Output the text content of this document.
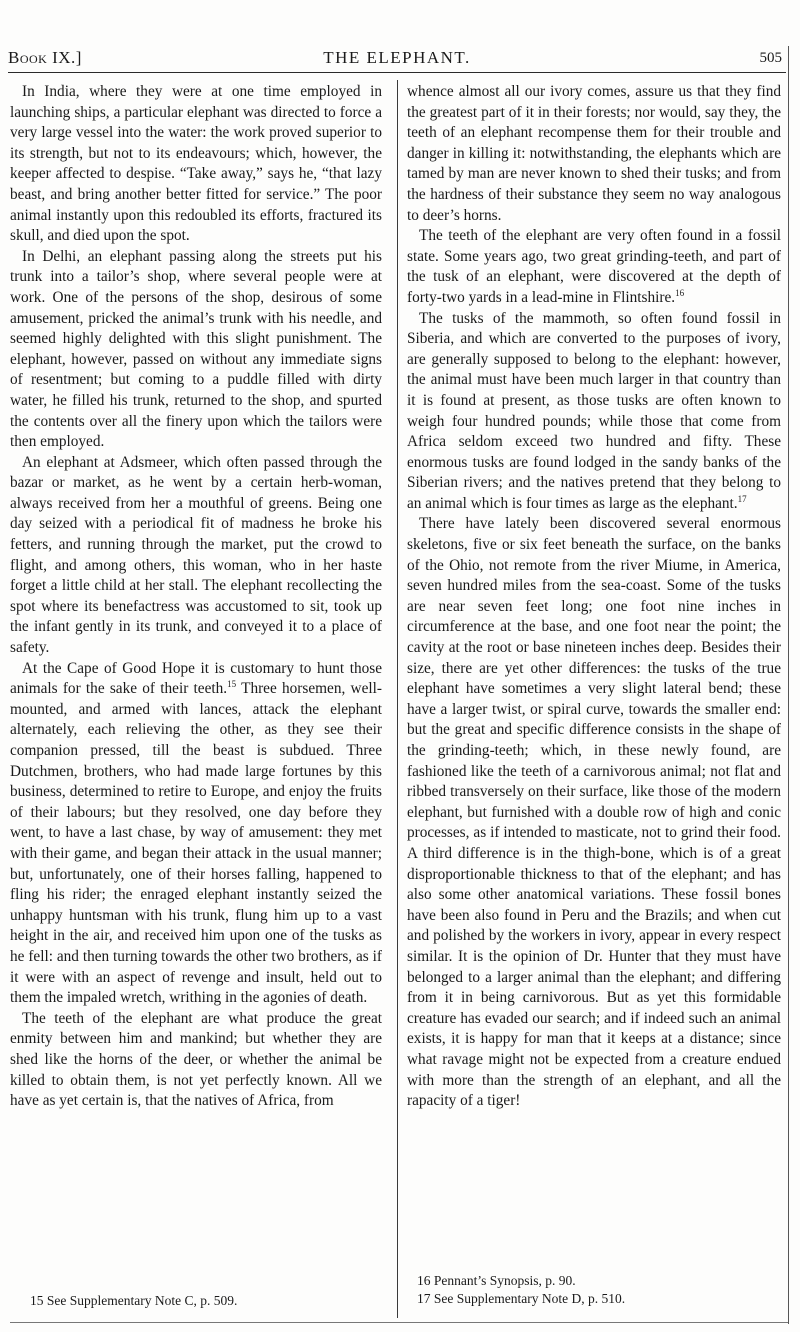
Book IX.]	THE ELEPHANT.	505

In India, where they were at one time employed in launching ships, a particular elephant was directed to force a very large vessel into the water: the work proved superior to its strength, but not to its endeavours; which, however, the keeper affected to despise. “Take away,” says he, “that lazy beast, and bring another better fitted for service.” The poor animal instantly upon this redoubled its efforts, fractured its skull, and died upon the spot.

In Delhi, an elephant passing along the streets put his trunk into a tailor’s shop, where several people were at work. One of the persons of the shop, desirous of some amusement, pricked the animal’s trunk with his needle, and seemed highly delighted with this slight punishment. The elephant, however, passed on without any immediate signs of resentment; but coming to a puddle filled with dirty water, he filled his trunk, returned to the shop, and spurted the contents over all the finery upon which the tailors were then employed.

An elephant at Adsmeer, which often passed through the bazar or market, as he went by a certain herb-woman, always received from her a mouthful of greens. Being one day seized with a periodical fit of madness he broke his fetters, and running through the market, put the crowd to flight, and among others, this woman, who in her haste forget a little child at her stall. The elephant recollecting the spot where its benefactress was accustomed to sit, took up the infant gently in its trunk, and conveyed it to a place of safety.

At the Cape of Good Hope it is customary to hunt those animals for the sake of their teeth.$^{15}$ Three horsemen, well-mounted, and armed with lances, attack the elephant alternately, each relieving the other, as they see their companion pressed, till the beast is subdued. Three Dutchmen, brothers, who had made large fortunes by this business, determined to retire to Europe, and enjoy the fruits of their labours; but they resolved, one day before they went, to have a last chase, by way of amusement: they met with their game, and began their attack in the usual manner; but, unfortunately, one of their horses falling, happened to fling his rider; the enraged elephant instantly seized the unhappy huntsman with his trunk, flung him up to a vast height in the air, and received him upon one of the tusks as he fell: and then turning towards the other two brothers, as if it were with an aspect of revenge and insult, held out to them the impaled wretch, writhing in the agonies of death.

The teeth of the elephant are what produce the great enmity between him and mankind; but whether they are shed like the horns of the deer, or whether the animal be killed to obtain them, is not yet perfectly known. All we have as yet certain is, that the natives of Africa, from

whence almost all our ivory comes, assure us that they find the greatest part of it in their forests; nor would, say they, the teeth of an elephant recompense them for their trouble and danger in killing it: notwithstanding, the elephants which are tamed by man are never known to shed their tusks; and from the hardness of their substance they seem no way analogous to deer’s horns.

The teeth of the elephant are very often found in a fossil state. Some years ago, two great grinding-teeth, and part of the tusk of an elephant, were discovered at the depth of forty-two yards in a lead-mine in Flintshire.$^{16}$

The tusks of the mammoth, so often found fossil in Siberia, and which are converted to the purposes of ivory, are generally supposed to belong to the elephant: however, the animal must have been much larger in that country than it is found at present, as those tusks are often known to weigh four hundred pounds; while those that come from Africa seldom exceed two hundred and fifty. These enormous tusks are found lodged in the sandy banks of the Siberian rivers; and the natives pretend that they belong to an animal which is four times as large as the elephant.$^{17}$

There have lately been discovered several enormous skeletons, five or six feet beneath the surface, on the banks of the Ohio, not remote from the river Miume, in America, seven hundred miles from the sea-coast. Some of the tusks are near seven feet long; one foot nine inches in circumference at the base, and one foot near the point; the cavity at the root or base nineteen inches deep. Besides their size, there are yet other differences: the tusks of the true elephant have sometimes a very slight lateral bend; these have a larger twist, or spiral curve, towards the smaller end: but the great and specific difference consists in the shape of the grinding-teeth; which, in these newly found, are fashioned like the teeth of a carnivorous animal; not flat and ribbed transversely on their surface, like those of the modern elephant, but furnished with a double row of high and conic processes, as if intended to masticate, not to grind their food. A third difference is in the thigh-bone, which is of a great disproportionable thickness to that of the elephant; and has also some other anatomical variations. These fossil bones have been also found in Peru and the Brazils; and when cut and polished by the workers in ivory, appear in every respect similar. It is the opinion of Dr. Hunter that they must have belonged to a larger animal than the elephant; and differing from it in being carnivorous. But as yet this formidable creature has evaded our search; and if indeed such an animal exists, it is happy for man that it keeps at a distance; since what ravage might not be expected from a creature endued with more than the strength of an elephant, and all the rapacity of a tiger!

15 See Supplementary Note C, p. 509.
16 Pennant’s Synopsis, p. 90.
17 See Supplementary Note D, p. 510.
